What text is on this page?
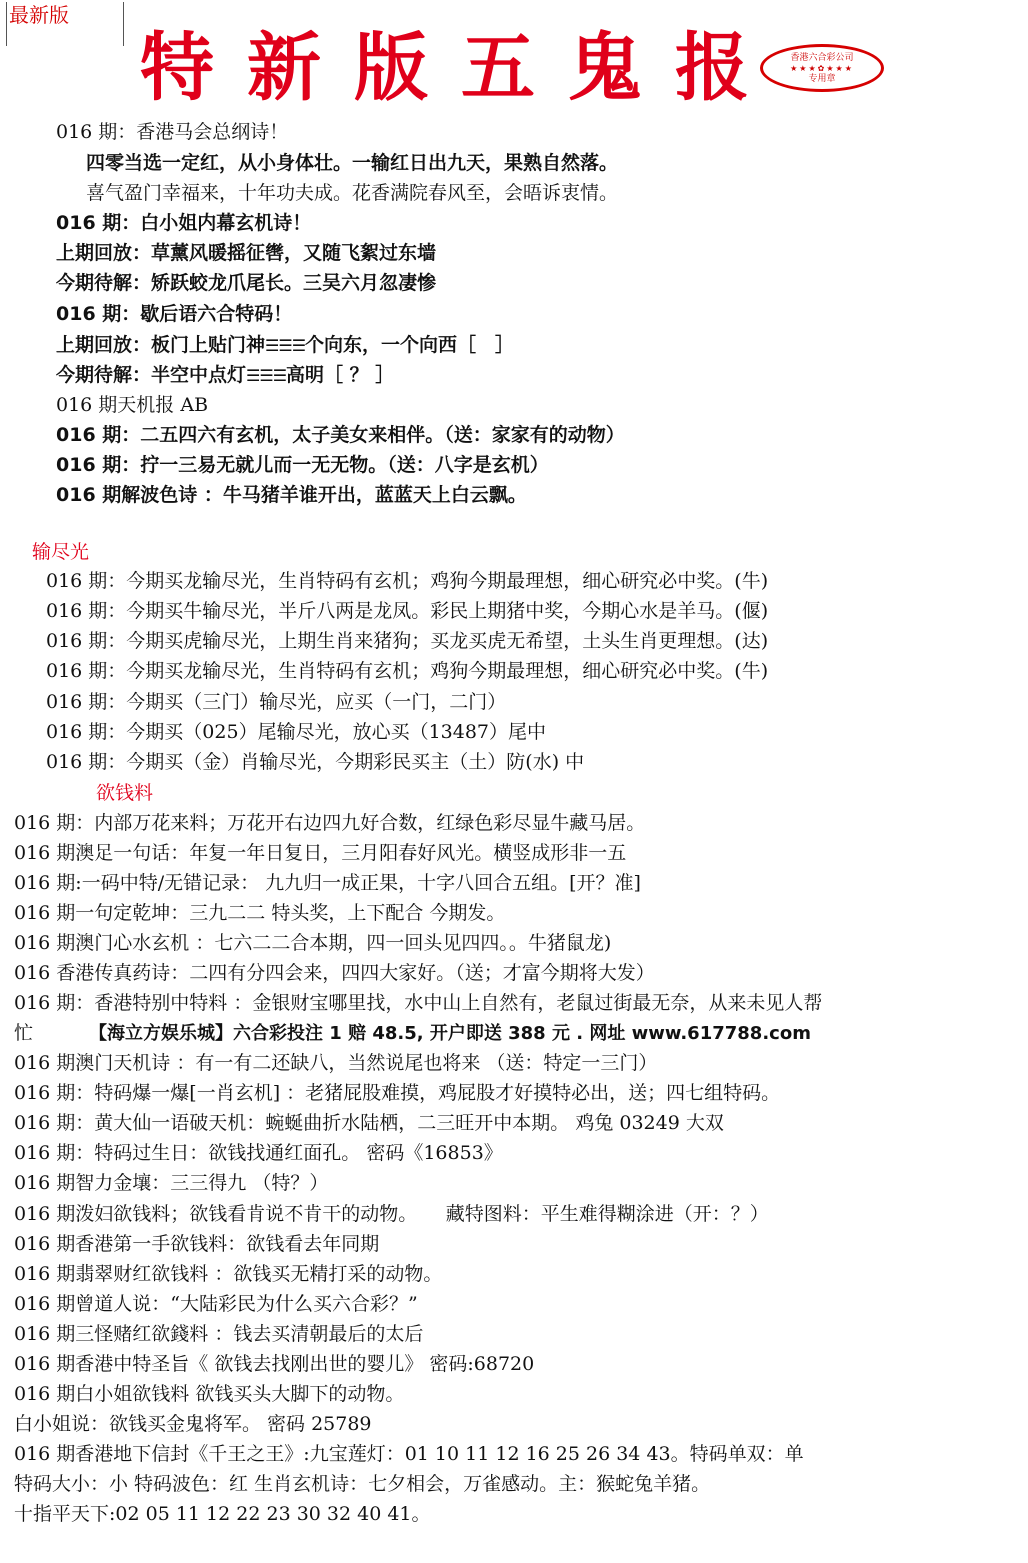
最新版
特新版五鬼报 香港六合彩公司
★★★✿★★★
专用章
016 期：香港马会总纲诗！
四零当选一定红，从小身体壮。一输红日出九天，果熟自然落。
喜气盈门幸福来，十年功夫成。花香满院春风至，会晤诉衷情。
016 期：白小姐内幕玄机诗！
上期回放：草薰风暖摇征辔，又随飞絮过东墙
今期待解：矫跃蛟龙爪尾长。三吴六月忽凄惨
016 期：歇后语六合特码！
上期回放：板门上贴门神☰☰☰个向东，一个向西［　］
今期待解：半空中点灯☰☰☰高明［ ？ ］
016 期天机报 AB
016 期：二五四六有玄机，太子美女来相伴。（送：家家有的动物）
016 期：拧一三易无就儿而一无无物。（送：八字是玄机）
016 期解波色诗 ：牛马猪羊谁开出，蓝蓝天上白云飘。
输尽光
016 期：今期买龙输尽光，生肖特码有玄机；鸡狗今期最理想，细心研究必中奖。(牛)
016 期：今期买牛输尽光，半斤八两是龙凤。彩民上期猪中奖，今期心水是羊马。(偃)
016 期：今期买虎输尽光，上期生肖来猪狗；买龙买虎无希望，土头生肖更理想。(达)
016 期：今期买龙输尽光，生肖特码有玄机；鸡狗今期最理想，细心研究必中奖。(牛)
016 期：今期买（三门）输尽光，应买（一门，二门）
016 期：今期买（025）尾输尽光，放心买（13487）尾中
016 期：今期买（金）肖输尽光，今期彩民买主（土）防(水) 中
欲钱料
016 期：内部万花来料；万花开右边四九好合数，红绿色彩尽显牛藏马居。
016 期澳足一句话：年复一年日复日，三月阳春好风光。横竖成形非一五
016 期:一码中特/无错记录： 九九归一成正果，十字八回合五组。[开？准]
016 期一句定乾坤：三九二二 特头奖，上下配合 今期发。
016 期澳门心水玄机 ：七六二二合本期，四一回头见四四。。牛猪鼠龙)
016 香港传真药诗：二四有分四会来，四四大家好。（送；才富今期将大发）
016 期：香港特别中特料 ：金银财宝哪里找，水中山上自然有，老鼠过街最无奈，从来未见人帮
忙	【海立方娱乐城】六合彩投注 1 赔 48.5, 开户即送 388 元 . 网址 www.617788.com
016 期澳门天机诗 ：有一有二还缺八，当然说尾也将来 （送：特定一三门）
016 期：特码爆一爆[一肖玄机] ：老猪屁股难摸，鸡屁股才好摸特必出，送；四七组特码。
016 期：黄大仙一语破天机：蜿蜒曲折水陆栖，二三旺开中本期。 鸡兔 03249 大双
016 期：特码过生日：欲钱找通红面孔。 密码《16853》
016 期智力金壤：三三得九 （特？）
016 期泼妇欲钱料；欲钱看肯说不肯干的动物。　　藏特图料：平生难得糊涂进（开：？）
016 期香港第一手欲钱料：欲钱看去年同期
016 期翡翠财红欲钱料 ：欲钱买无精打采的动物。
016 期曾道人说：“大陆彩民为什么买六合彩？”
016 期三怪赌红欲錢料 ：钱去买清朝最后的太后
016 期香港中特圣旨《 欲钱去找刚出世的婴儿》 密码:68720
016 期白小姐欲钱料 欲钱买头大脚下的动物。
白小姐说：欲钱买金鬼将军。 密码 25789
016 期香港地下信封《千王之王》:九宝莲灯：01 10 11 12 16 25 26 34 43。特码单双：单
特码大小：小 特码波色：红 生肖玄机诗：七夕相会，万雀感动。主：猴蛇兔羊猪。
十指平天下:02 05 11 12 22 23 30 32 40 41。
